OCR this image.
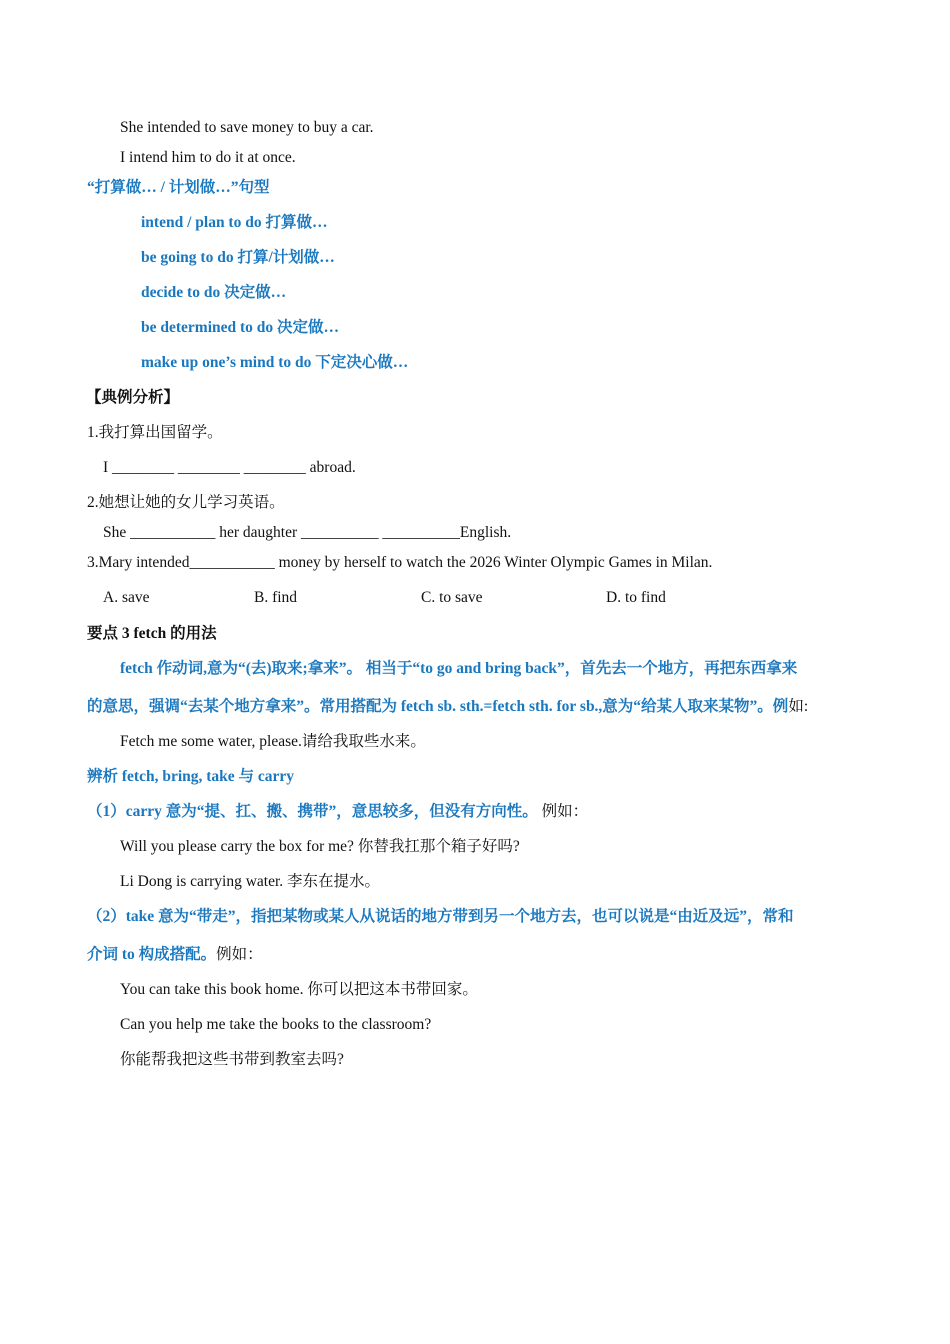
She intended to save money to buy a car.
I intend him to do it at once.
“打算做… / 计划做…”句型
intend / plan to do 打算做…
be going to do 打算/计划做…
decide to do 决定做…
be determined to do 决定做…
make up one’s mind to do 下定决心做…
【典例分析】
1.我打算出国留学。
I ________ ________ ________ abroad.
2.她想让她的女儿学习英语。
She ___________ her daughter __________ __________English.
3.Mary intended___________ money by herself to watch the 2026 Winter Olympic Games in Milan.
A. save	B. find	C. to save	D. to find
要点 3 fetch 的用法
fetch 作动词,意为“(去)取来;拿来”。 相当于“to go and bring back”，首先去一个地方，再把东西拿来
的意思，强调“去某个地方拿来”。常用搭配为 fetch sb. sth.=fetch sth. for sb.,意为“给某人取来某物”。例如:
Fetch me some water, please.请给我取些水来。
辨析 fetch, bring, take 与 carry
（1）carry 意为“提、扛、搬、携带”，意思较多，但没有方向性。 例如：
Will you please carry the box for me? 你替我扛那个箱子好吗?
Li Dong is carrying water. 李东在提水。
（2）take 意为“带走”，指把某物或某人从说话的地方带到另一个地方去，也可以说是“由近及远”，常和
介词 to 构成搭配。例如：
You can take this book home. 你可以把这本书带回家。
Can you help me take the books to the classroom?
你能帮我把这些书带到教室去吗?
